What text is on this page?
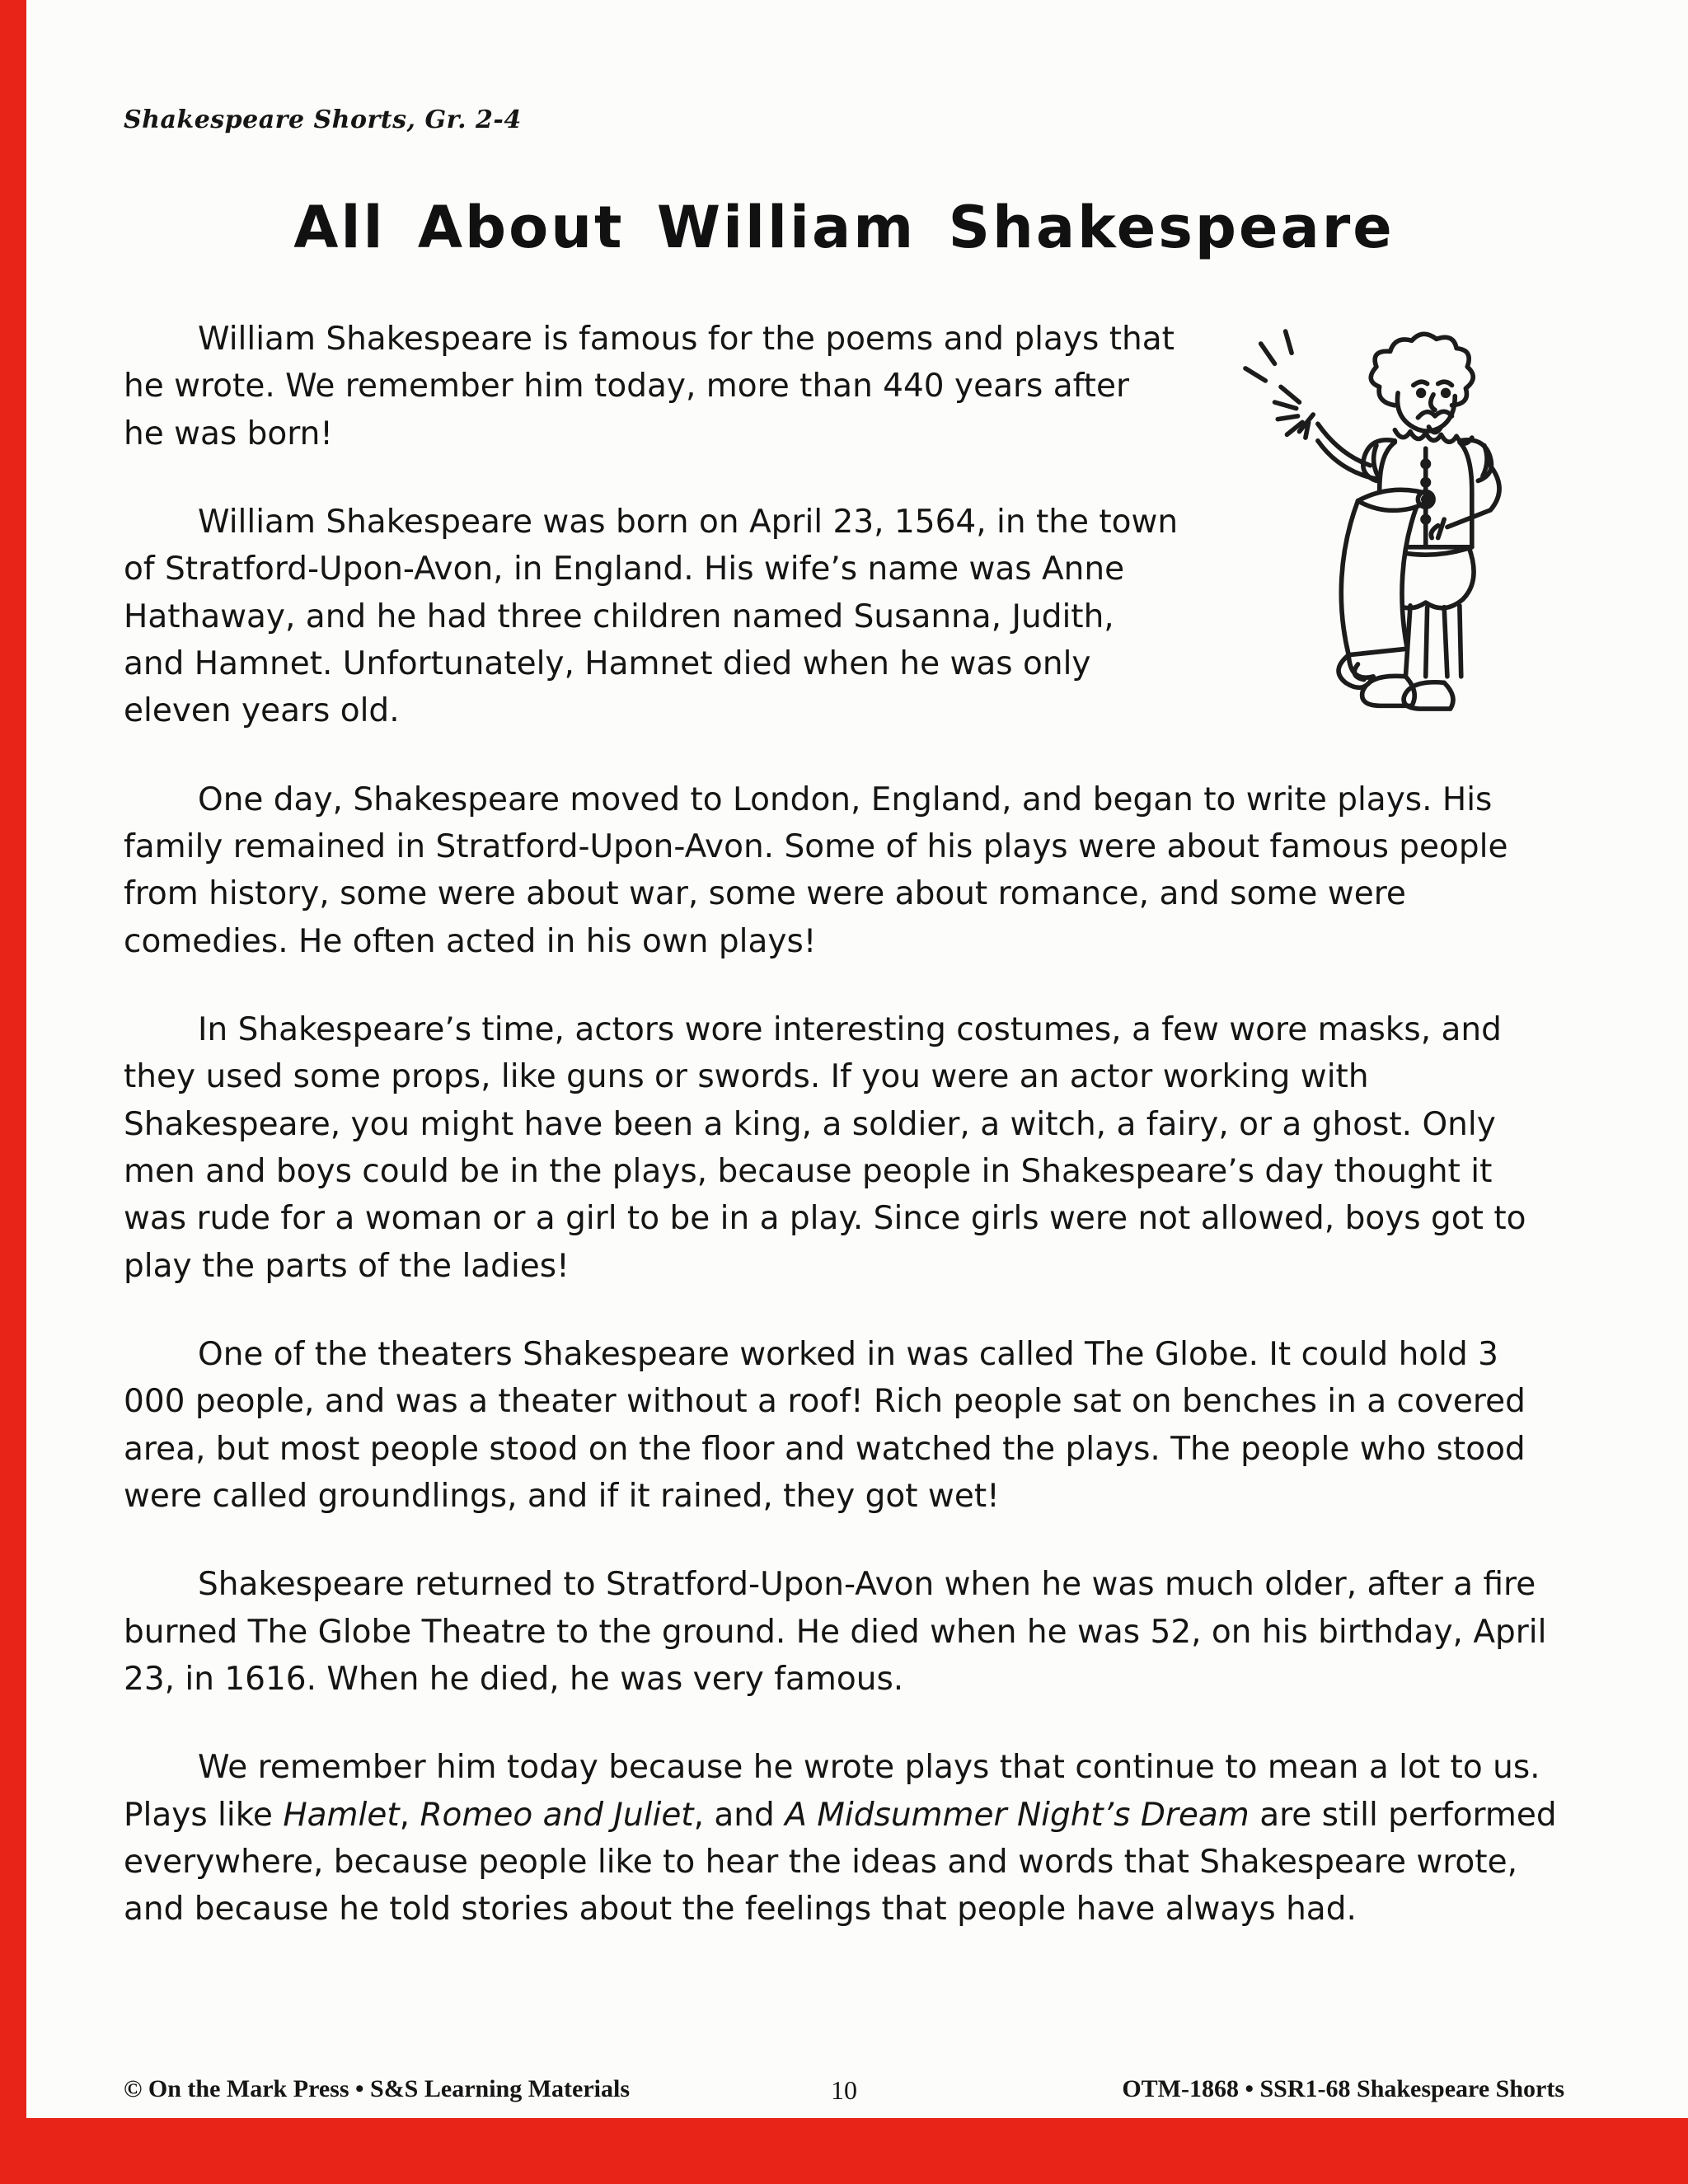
Shakespeare Shorts, Gr. 2-4
All About William Shakespeare

William Shakespeare is famous for the poems and plays that he wrote. We remember him today, more than 440 years after he was born!

William Shakespeare was born on April 23, 1564, in the town of Stratford-Upon-Avon, in England. His wife’s name was Anne Hathaway, and he had three children named Susanna, Judith, and Hamnet. Unfortunately, Hamnet died when he was only eleven years old.

One day, Shakespeare moved to London, England, and began to write plays. His family remained in Stratford-Upon-Avon. Some of his plays were about famous people from history, some were about war, some were about romance, and some were comedies. He often acted in his own plays!

In Shakespeare’s time, actors wore interesting costumes, a few wore masks, and they used some props, like guns or swords. If you were an actor working with Shakespeare, you might have been a king, a soldier, a witch, a fairy, or a ghost. Only men and boys could be in the plays, because people in Shakespeare’s day thought it was rude for a woman or a girl to be in a play. Since girls were not allowed, boys got to play the parts of the ladies!

One of the theaters Shakespeare worked in was called The Globe. It could hold 3 000 people, and was a theater without a roof! Rich people sat on benches in a covered area, but most people stood on the floor and watched the plays. The people who stood were called groundlings, and if it rained, they got wet!

Shakespeare returned to Stratford-Upon-Avon when he was much older, after a fire burned The Globe Theatre to the ground. He died when he was 52, on his birthday, April 23, in 1616. When he died, he was very famous.

We remember him today because he wrote plays that continue to mean a lot to us. Plays like Hamlet, Romeo and Juliet, and A Midsummer Night’s Dream are still performed everywhere, because people like to hear the ideas and words that Shakespeare wrote, and because he told stories about the feelings that people have always had.

© On the Mark Press • S&S Learning Materials	10	OTM-1868 • SSR1-68 Shakespeare Shorts
